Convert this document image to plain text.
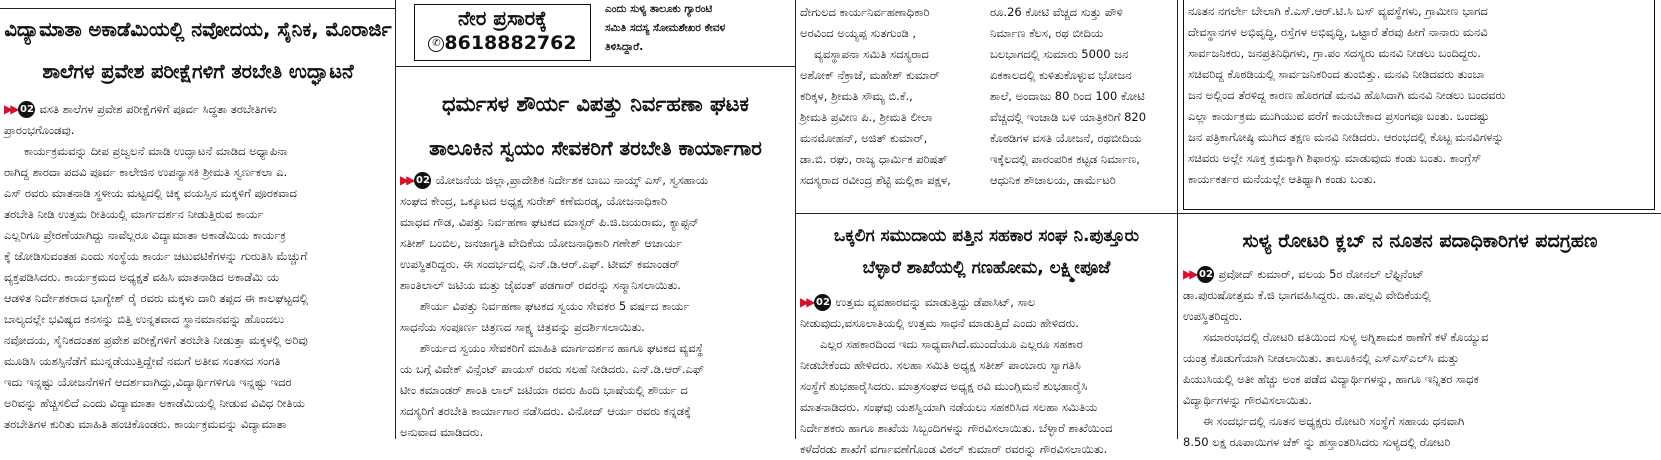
ವಿದ್ಯಾಮಾತಾ ಅಕಾಡೆಮಿಯಲ್ಲಿ ನವೋದಯ, ಸೈನಿಕ, ಮೊರಾರ್ಜಿ
ಶಾಲೆಗಳ ಪ್ರವೇಶ ಪರೀಕ್ಷೆಗಳಿಗೆ ತರಬೇತಿ ಉದ್ಘಾಟನೆ
▶▶ 02 ವಸತಿ ಶಾಲೆಗಳ ಪ್ರವೇಶ ಪರೀಕ್ಷೆಗಳಿಗೆ ಪೂರ್ವ ಸಿದ್ಧತಾ ತರಬೇತಿಗಳು
ಪ್ರಾರಂಭಗೊಂಡವು.
ಕಾರ್ಯಕ್ರಮವನ್ನು ದೀಪ ಪ್ರಜ್ವಲನೆ ಮಾಡಿ ಉದ್ಘಾಟನೆ ಮಾಡಿದ ಅಧ್ಯಾಪಿನಾ
ರಾಗಿದ್ದ ಶಾರದಾ ಪದವಿ ಪೂರ್ವ ಕಾಲೇಜಿನ ಉಪನ್ಯಾಸಕಿ ಶ್ರೀಮತಿ ಸ್ವರ್ಣಕಲಾ ಎ.
ಎಸ್ ರವರು ಮಾತನಾಡಿ ಸ್ಥಳೀಯ ಮಟ್ಟದಲ್ಲಿ ಚಿಕ್ಕ ವಯಸ್ಸಿನ ಮಕ್ಕಳಿಗೆ ಪೂರಕವಾದ
ತರಬೇತಿ ನೀಡಿ ಉತ್ತಮ ರೀತಿಯಲ್ಲಿ ಮಾರ್ಗದರ್ಶನ ನೀಡುತ್ತಿರುವ ಕಾರ್ಯ
ಎಲ್ಲರಿಗೂ ಪ್ರೇರಣೆಯಾಗಿದ್ದು ನಾವೆಲ್ಲರೂ ವಿದ್ಯಾಮಾತಾ ಅಕಾಡೆಮಿಯ ಕಾರ್ಯಕ್ರ
ಕ್ಕೆ ಜೋಡಿಸುವಂತಹ ಎಂದು ಸಂಸ್ಥೆಯ ಕಾರ್ಯ ಚಟುವಟಿಕೆಗಳನ್ನು ಗುರುತಿಸಿ ಮೆಚ್ಚುಗೆ
ವ್ಯಕ್ತಪಡಿಸಿದರು. ಕಾರ್ಯಕ್ರಮದ ಅಧ್ಯಕ್ಷತೆ ವಹಿಸಿ ಮಾತನಾಡಿದ ಅಕಾಡೆಮಿ ಯ
ಆಡಳಿತ ನಿರ್ದೇಶಕರಾದ ಭಾಗ್ಯೇಶ್ ರೈ ರವರು ಮಕ್ಕಳು ದಾರಿ ತಪ್ಪದ ಈ ಕಾಲಘಟ್ಟದಲ್ಲಿ
ಬಾಲ್ಯದಲ್ಲೇ ಭವಿಷ್ಯದ ಕನಸನ್ನು ಬಿತ್ತಿ ಉನ್ನತವಾದ ಸ್ಥಾನಮಾನವನ್ನು ಹೊಂದಲು
ನವೋದಯ, ಸೈನಿಕದಂತಹ ಪ್ರವೇಶ ಪರೀಕ್ಷೆಗಳಿಗೆ ತರಬೇತಿ ನೀಡುತ್ತಾ ಮಕ್ಕಳಲ್ಲಿ ಅರಿವು
ಮೂಡಿಸಿ ಯಶಸ್ಸಿನೆಡೆಗೆ ಮುನ್ನಡೆಯುತ್ತಿದ್ದೇವೆ ನಮಗೆ ಅತೀವ ಸಂತಸದ ಸಂಗತಿ
ಇದು ಇನ್ನಷ್ಟು ಯೋಜನೆಗಳಿಗೆ ಆದರ್ಶವಾಗಿದ್ದು,ವಿದ್ಯಾರ್ಥಿಗಳಿಗೂ ಇನ್ನಷ್ಟು ಇದರ
ಅರಿವನ್ನು ಹೆಚ್ಚಿಸಲಿದೆ ಎಂದು ವಿದ್ಯಾಮಾತಾ ಅಕಾಡೆಮಿಯಲ್ಲಿ ನೀಡುವ ವಿವಿಧ ರೀತಿಯ
ತರಬೇತಿಗಳ ಕುರಿತು ಮಾಹಿತಿ ಹಂಚಿಕೊಂಡರು. ಕಾರ್ಯಕ್ರಮವನ್ನು ವಿದ್ಯಾಮಾತಾ
ಎಂದು ಸುಳ್ಯ ತಾಲೂಕು ಗ್ಯಾರಂಟಿ
ಸಮಿತಿ ಸದಸ್ಯ ಸೋಮಶೇಖರ ಕೇವಳ
ತಿಳಿಸಿದ್ದಾರೆ.
ನೇರ ಪ್ರಸಾರಕ್ಕೆ
✆ 8618882762
ಧರ್ಮಸಳ ಶೌರ್ಯ ವಿಪತ್ತು ನಿರ್ವಹಣಾ ಘಟಕ
ತಾಲೂಕಿನ ಸ್ವಯಂ ಸೇವಕರಿಗೆ ತರಬೇತಿ ಕಾರ್ಯಾಗಾರ
▶▶ 02 ಯೋಜನೆಯ ಜಿಲ್ಲಾ,ಪ್ರಾದೇಶಿಕ ನಿರ್ದೇಶಕ ಬಾಬು ನಾಯ್ಕ್ ಎಸ್, ಸ್ವಸಹಾಯ
ಸಂಘದ ಕೇಂದ್ರ, ಒಕ್ಕೂಟದ ಅಧ್ಯಕ್ಷ ಸುರೇಶ್ ಕಣೆಮರಡ್ಕ, ಯೋಜನಾಧಿಕಾರಿ
ಮಾಧವ ಗೌಡ, ವಿಪತ್ತು ನಿರ್ವಹಣಾ ಘಟಕದ ಮಾಸ್ಟರ್ ಪಿ.ಜಿ.ಜಯರಾಮ, ಕ್ಯಾಪ್ಟನ್
ಸತೀಶ್ ಬಂಬಿಲ, ಜನಜಾಗೃತಿ ವೇದಿಕೆಯ ಯೋಜನಾಧಿಕಾರಿ ಗಣೇಶ್ ಆಚಾರ್ಯ
ಉಪಸ್ಥಿತರಿದ್ದರು. ಈ ಸಂದರ್ಭದಲ್ಲಿ ಎನ್.ಡಿ.ಆರ್.ಎಫ್. ಟೀಮ್ ಕಮಾಂಡರ್
ಶಾಂತಿಲಾಲ್ ಜಟಿಯ ಮತ್ತು ಜೈವಂತ್ ಪಡಗಾರ್ ರವರನ್ನು ಸನ್ಮಾನಿಸಲಾಯಿತು.
ಶೌರ್ಯ ವಿಪತ್ತು ನಿರ್ವಹಣಾ ಘಟಕದ ಸ್ವಯಂ ಸೇವಕರ 5 ವರ್ಷದ ಕಾರ್ಯ
ಸಾಧನೆಯ ಸಂಪೂರ್ಣ ಚಿತ್ರಣದ ಸಾಕ್ಷ್ಯ ಚಿತ್ರವನ್ನು ಪ್ರದರ್ಶಿಸಲಾಯಿತು.
ಶೌರ್ಯದ ಸ್ವಯಂ ಸೇವಕರಿಗೆ ಮಾಹಿತಿ ಮಾರ್ಗದರ್ಶನ ಹಾಗೂ ಘಟಕದ ವ್ಯವಸ್ಥೆ
ಯ ಬಗ್ಗೆ ವಿವೇಕ್ ವಿನ್ಸೆಂಟ್ ಪಾಯಸ್ ರವರು ಸಲಹೆ ನೀಡಿದರು. ಎನ್.ಡಿ.ಆರ್.ಎಫ್
ಟೀಂ ಕಮಾಂಡರ್ ಶಾಂತಿ ಲಾಲ್ ಜಟಿಯಾ ರವರು ಹಿಂದಿ ಭಾಷೆಯಲ್ಲಿ ಶೌರ್ಯ ದ
ಸದಸ್ಯರಿಗೆ ತರಬೇತಿ ಕಾರ್ಯಾಗಾರ ನಡೆಸಿದರು. ವಿನೋದ್ ಆರ್ಯ ರವರು ಕನ್ನಡಕ್ಕೆ
ಅನುವಾದ ಮಾಡಿದರು.
ದೇಗುಲದ ಕಾರ್ಯನಿರ್ವಹಣಾಧಿಕಾರಿ
ಅರವಿಂದ ಅಯ್ಯಪ್ಪ ಸುತಗುಂಡಿ ,
ವ್ಯವಸ್ಥಾಪನಾ ಸಮಿತಿ ಸದಸ್ಯರಾದ
ಅಶೋಕ್ ನೆಕ್ರಾಜೆ, ಮಹೇಶ್ ಕುಮಾರ್
ಕರಿಕ್ಕಳ, ಶ್ರೀಮತಿ ಸೌಮ್ಯ ಬಿ.ಕೆ.,
ಶ್ರೀಮತಿ ಪ್ರವೀಣ ಪಿ., ಶ್ರೀಮತಿ ಲೀಲಾ
ಮನಮೋಹನ್, ಅಜಿತ್ ಕುಮಾರ್,
ಡಾ.ಬಿ. ರಘು, ರಾಜ್ಯ ಧಾರ್ಮಿಕ ಪರಿಷತ್
ಸದಸ್ಯರಾದ ರವೀಂದ್ರ ಶೆಟ್ಟಿ ಮಲ್ಲಿಕಾ ಪಕ್ಷಳ,
ರೂ.26 ಕೋಟಿ ವೆಚ್ಚದ ಸುತ್ತು ಪೌಳಿ
ನಿರ್ಮಾಣ ಕೆಲಸ, ರಥ ಬೀದಿಯ
ಬಲಭಾಗದಲ್ಲಿ ಸುಮಾರು 5000 ಜನ
ಏಕಕಾಲದಲ್ಲಿ ಕುಳಿತುಕೊಳ್ಳುವ ಭೋಜನ
ಶಾಲೆ, ಅಂದಾಜು 80 ರಿಂದ 100 ಕೋಟಿ
ವೆಚ್ಚದಲ್ಲಿ ಇಂಜಾಡಿ ಬಳಿ ಯಾತ್ರಿಕರಿಗೆ 820
ಕೊಠಡಿಗಳ ವಸತಿ ಯೋಜನೆ, ರಥಬೀದಿಯ
ಇಕ್ಕೆಲದಲ್ಲಿ ಪಾರಂಪರಿಕ ಕಟ್ಟಡ ನಿರ್ಮಾಣ,
ಆಧುನಿಕ ಶೌಚಾಲಯ, ಡಾರ್ಮೆಟರಿ
ನೂತನ ನಗರ್ಲೇ ಬೇಲಾಗಿ ಕೆ.ಎಸ್.ಆರ್.ಟಿ.ಸಿ ಬಸ್ ವ್ಯವಸ್ಥೆಗಳು, ಗ್ರಾಮೀಣ ಭಾಗದ
ದೇವಸ್ಥಾನಗಳ ಅಭಿವೃದ್ಧಿ, ರಸ್ತೆಗಳ ಅಭಿವೃದ್ಧಿ, ಒಟ್ಟಾರೆ ತೆರವು ಹೀಗೆ ನಾನಾರು ಮನವಿ
ಸಾರ್ವಜನಿಕರು, ಜನಪ್ರತಿನಿಧಿಗಳು, ಗ್ರಾ.ಪಂ ಸದಸ್ಯರು ಮನವಿ ನೀಡಲು ಬಂದಿದ್ದರು.
ಸಚಿವರಿದ್ದ ಕೊಠಡಿಯಲ್ಲಿ ಸಾರ್ವಜನಿಕರಿಂದ ತುಂಬಿತ್ತು. ಮನವಿ ನೀಡಿದವರು ತುಂಬಾ
ಜನ ಅಲ್ಲಿಂದ ತೆರಳಿದ್ದ ಕಾರಣ ಹೊರಗಡೆ ಮನವಿ ಹೊಸಿದಾಗಿ ಮನವಿ ನೀಡಲು ಬಂದವರು
ಎಲ್ಲಾ ಕಾರ್ಯಕ್ರಮ ಮುಗಿಯುವ ವರೆಗೆ ಕಾಯಬೇಕಾದ ಪ್ರಸಂಗವೂ ಬಂತು. ಒಂದಷ್ಟು
ಜನ ಪತ್ರಿಕಾಗೋಷ್ಠಿ ಮುಗಿದ ತಕ್ಷಣ ಮನವಿ ನೀಡಿದರು. ಆರಂಭದಲ್ಲಿ ಕೊಟ್ಟ ಮನವಿಗಳನ್ನು
ಸಚಿವರು ಅಲ್ಲೇ ಸೂಕ್ತ ಕ್ರಮಕ್ಕಾಗಿ ಶಿಫಾರಸ್ಸು ಮಾಡುವುದು ಕಂಡು ಬಂತು. ಕಾಂಗ್ರೆಸ್
ಕಾರ್ಯಕರ್ತರ ಮನೆಯಲ್ಲೇ ಆತಿಥ್ಯಾಗಿ ಕಂಡು ಬಂತು.
ಒಕ್ಕಲಿಗ ಸಮುದಾಯ ಪತ್ತಿನ ಸಹಕಾರ ಸಂಘ ನಿ.ಪುತ್ತೂರು
ಬೆಳ್ಳಾರೆ ಶಾಖೆಯಲ್ಲಿ ಗಣಹೋಮ, ಲಕ್ಷ್ಮೀಪೂಜೆ
▶▶ 02 ಉತ್ತಮ ವ್ಯವಹಾರವನ್ನು ಮಾಡುತ್ತಿದ್ದು ಡೆಪಾಸಿಟ್, ಸಾಲ
ನೀಡುವುದು,ವಸೂಲಾತಿಯಲ್ಲಿ ಉತ್ತಮ ಸಾಧನೆ ಮಾಡುತ್ತಿದೆ ಎಂದು ಹೇಳಿದರು.
ಎಲ್ಲರ ಸಹಕಾರದಿಂದ ಇದು ಸಾಧ್ಯವಾಗಿದೆ.ಮುಂದೆಯೂ ಎಲ್ಲರೂ ಸಹಕಾರ
ನೀಡಬೇಕೆಂದು ಹೇಳಿದರು. ಸಲಹಾ ಸಮಿತಿ ಅಧ್ಯಕ್ಷ ಸತೀಶ್ ಪಾಂಬಾರು ಸ್ವಾಗತಿಸಿ
ಸಂಸ್ಥೆಗೆ ಶುಭಹಾರೈಸಿದರು. ಮಾತ್ರಸಂಘದ ಅಧ್ಯಕ್ಷ ರವಿ ಮುಂಗ್ಲಿಮನೆ ಶುಭಹಾರೈಸಿ
ಮಾತನಾಡಿದರು. ಸಂಘವು ಯಶಸ್ವಿಯಾಗಿ ನಡೆಯಲು ಸಹಕರಿಸಿದ ಸಲಹಾ ಸಮಿತಿಯ
ನಿರ್ದೇಶಕರು ಹಾಗೂ ಶಾಖೆಯ ಸಿಬ್ಬಂದಿಗಳನ್ನು ಗೌರವಿಸಲಾಯಿತು. ಬೆಳ್ಳಾರೆ ಶಾಖೆಯಿಂದ
ಕಳೆದೆರಡು ಶಾಖೆಗೆ ವರ್ಗಾವಣೆಗೊಂಡ ವಿಠಲ್ ಕುಮಾರ್ ರವರನ್ನು ಗೌರವಿಸಲಾಯಿತು.
ಸುಳ್ಯ ರೋಟರಿ ಕ್ಲಬ್ ನ ನೂತನ ಪದಾಧಿಕಾರಿಗಳ ಪದಗ್ರಹಣ
▶▶ 02 ಪ್ರವೋದ್ ಕುಮಾರ್, ವಲಯ 5ರ ರೋನಲ್ ಲೆಫ್ಟಿನೆಂಟ್
ಡಾ.ಪುರುಷೋತ್ತಮ ಕೆ.ಜಿ ಭಾಗವಹಿಸಿದ್ದರು. ಡಾ.ಪಲ್ಲವಿ ವೇದಿಕೆಯಲ್ಲಿ
ಉಪಸ್ಥಿತರಿದ್ದರು.
ಸಮಾರಂಭದಲ್ಲಿ ರೋಟರಿ ವತಿಯಿಂದ ಸುಳ್ಯ ಅಗ್ನಿಶಾಮಕ ಠಾಣೆಗೆ ಕಳೆ ಕೊಯ್ಯುವ
ಯಂತ್ರ ಕೊಡುಗೆಯಾಗಿ ನೀಡಲಾಯಿತು. ತಾಲೂಕಿನಲ್ಲಿ ಎಸ್ಎಸ್ಎಲ್‌ಸಿ ಮತ್ತು
ಪಿಯುಸಿಯಲ್ಲಿ ಅತೀ ಹೆಚ್ಚು ಅಂಕ ಪಡೆದ ವಿದ್ಯಾರ್ಥಿಗಳನ್ನು, ಹಾಗೂ ಇನ್ನಿತರ ಸಾಧಕ
ವಿದ್ಯಾರ್ಥಿಗಳನ್ನು ಗೌರವಿಸಲಾಯಿತು.
ಈ ಸಂದರ್ಭದಲ್ಲಿ ನೂತನ ಅಧ್ಯಕ್ಷರು ರೋಟರಿ ಸಂಸ್ಥೆಗೆ ಸಹಾಯ ಧನವಾಗಿ
8.50 ಲಕ್ಷ ರೂಪಾಯಿಗಳ ಚೆಕ್ ನ್ನು ಹಸ್ತಾಂತರಿಸಿದರು ಸುಳ್ಯದಲ್ಲಿ ರೋಟರಿ
